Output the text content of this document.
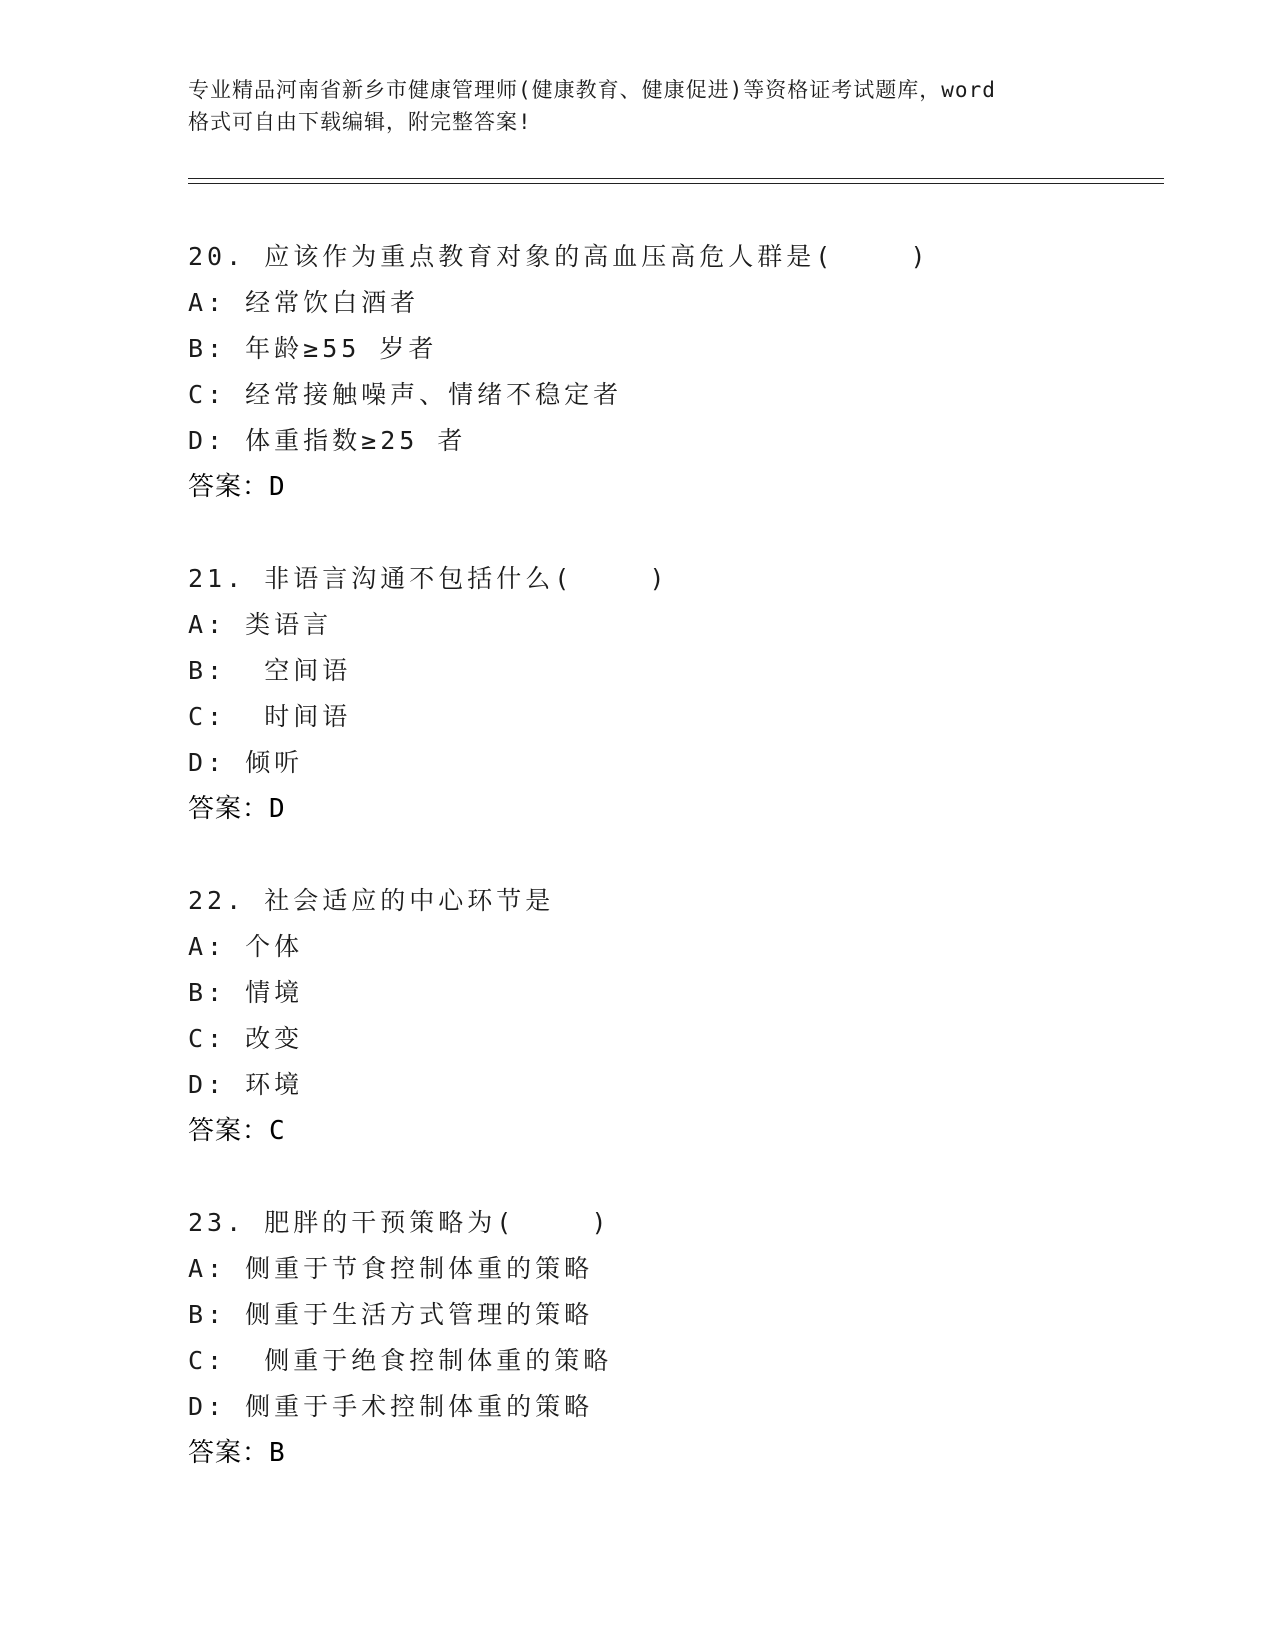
专业精品河南省新乡市健康管理师(健康教育、健康促进)等资格证考试题库，word
格式可自由下载编辑，附完整答案!
20. 应该作为重点教育对象的高血压高危人群是(    )
A: 经常饮白酒者
B: 年龄≥55 岁者
C: 经常接触噪声、情绪不稳定者
D: 体重指数≥25 者
答案：D
21. 非语言沟通不包括什么(    )
A: 类语言
B:  空间语
C:  时间语
D: 倾听
答案：D
22. 社会适应的中心环节是
A: 个体
B: 情境
C: 改变
D: 环境
答案：C
23. 肥胖的干预策略为(    )
A: 侧重于节食控制体重的策略
B: 侧重于生活方式管理的策略
C:  侧重于绝食控制体重的策略
D: 侧重于手术控制体重的策略
答案：B
